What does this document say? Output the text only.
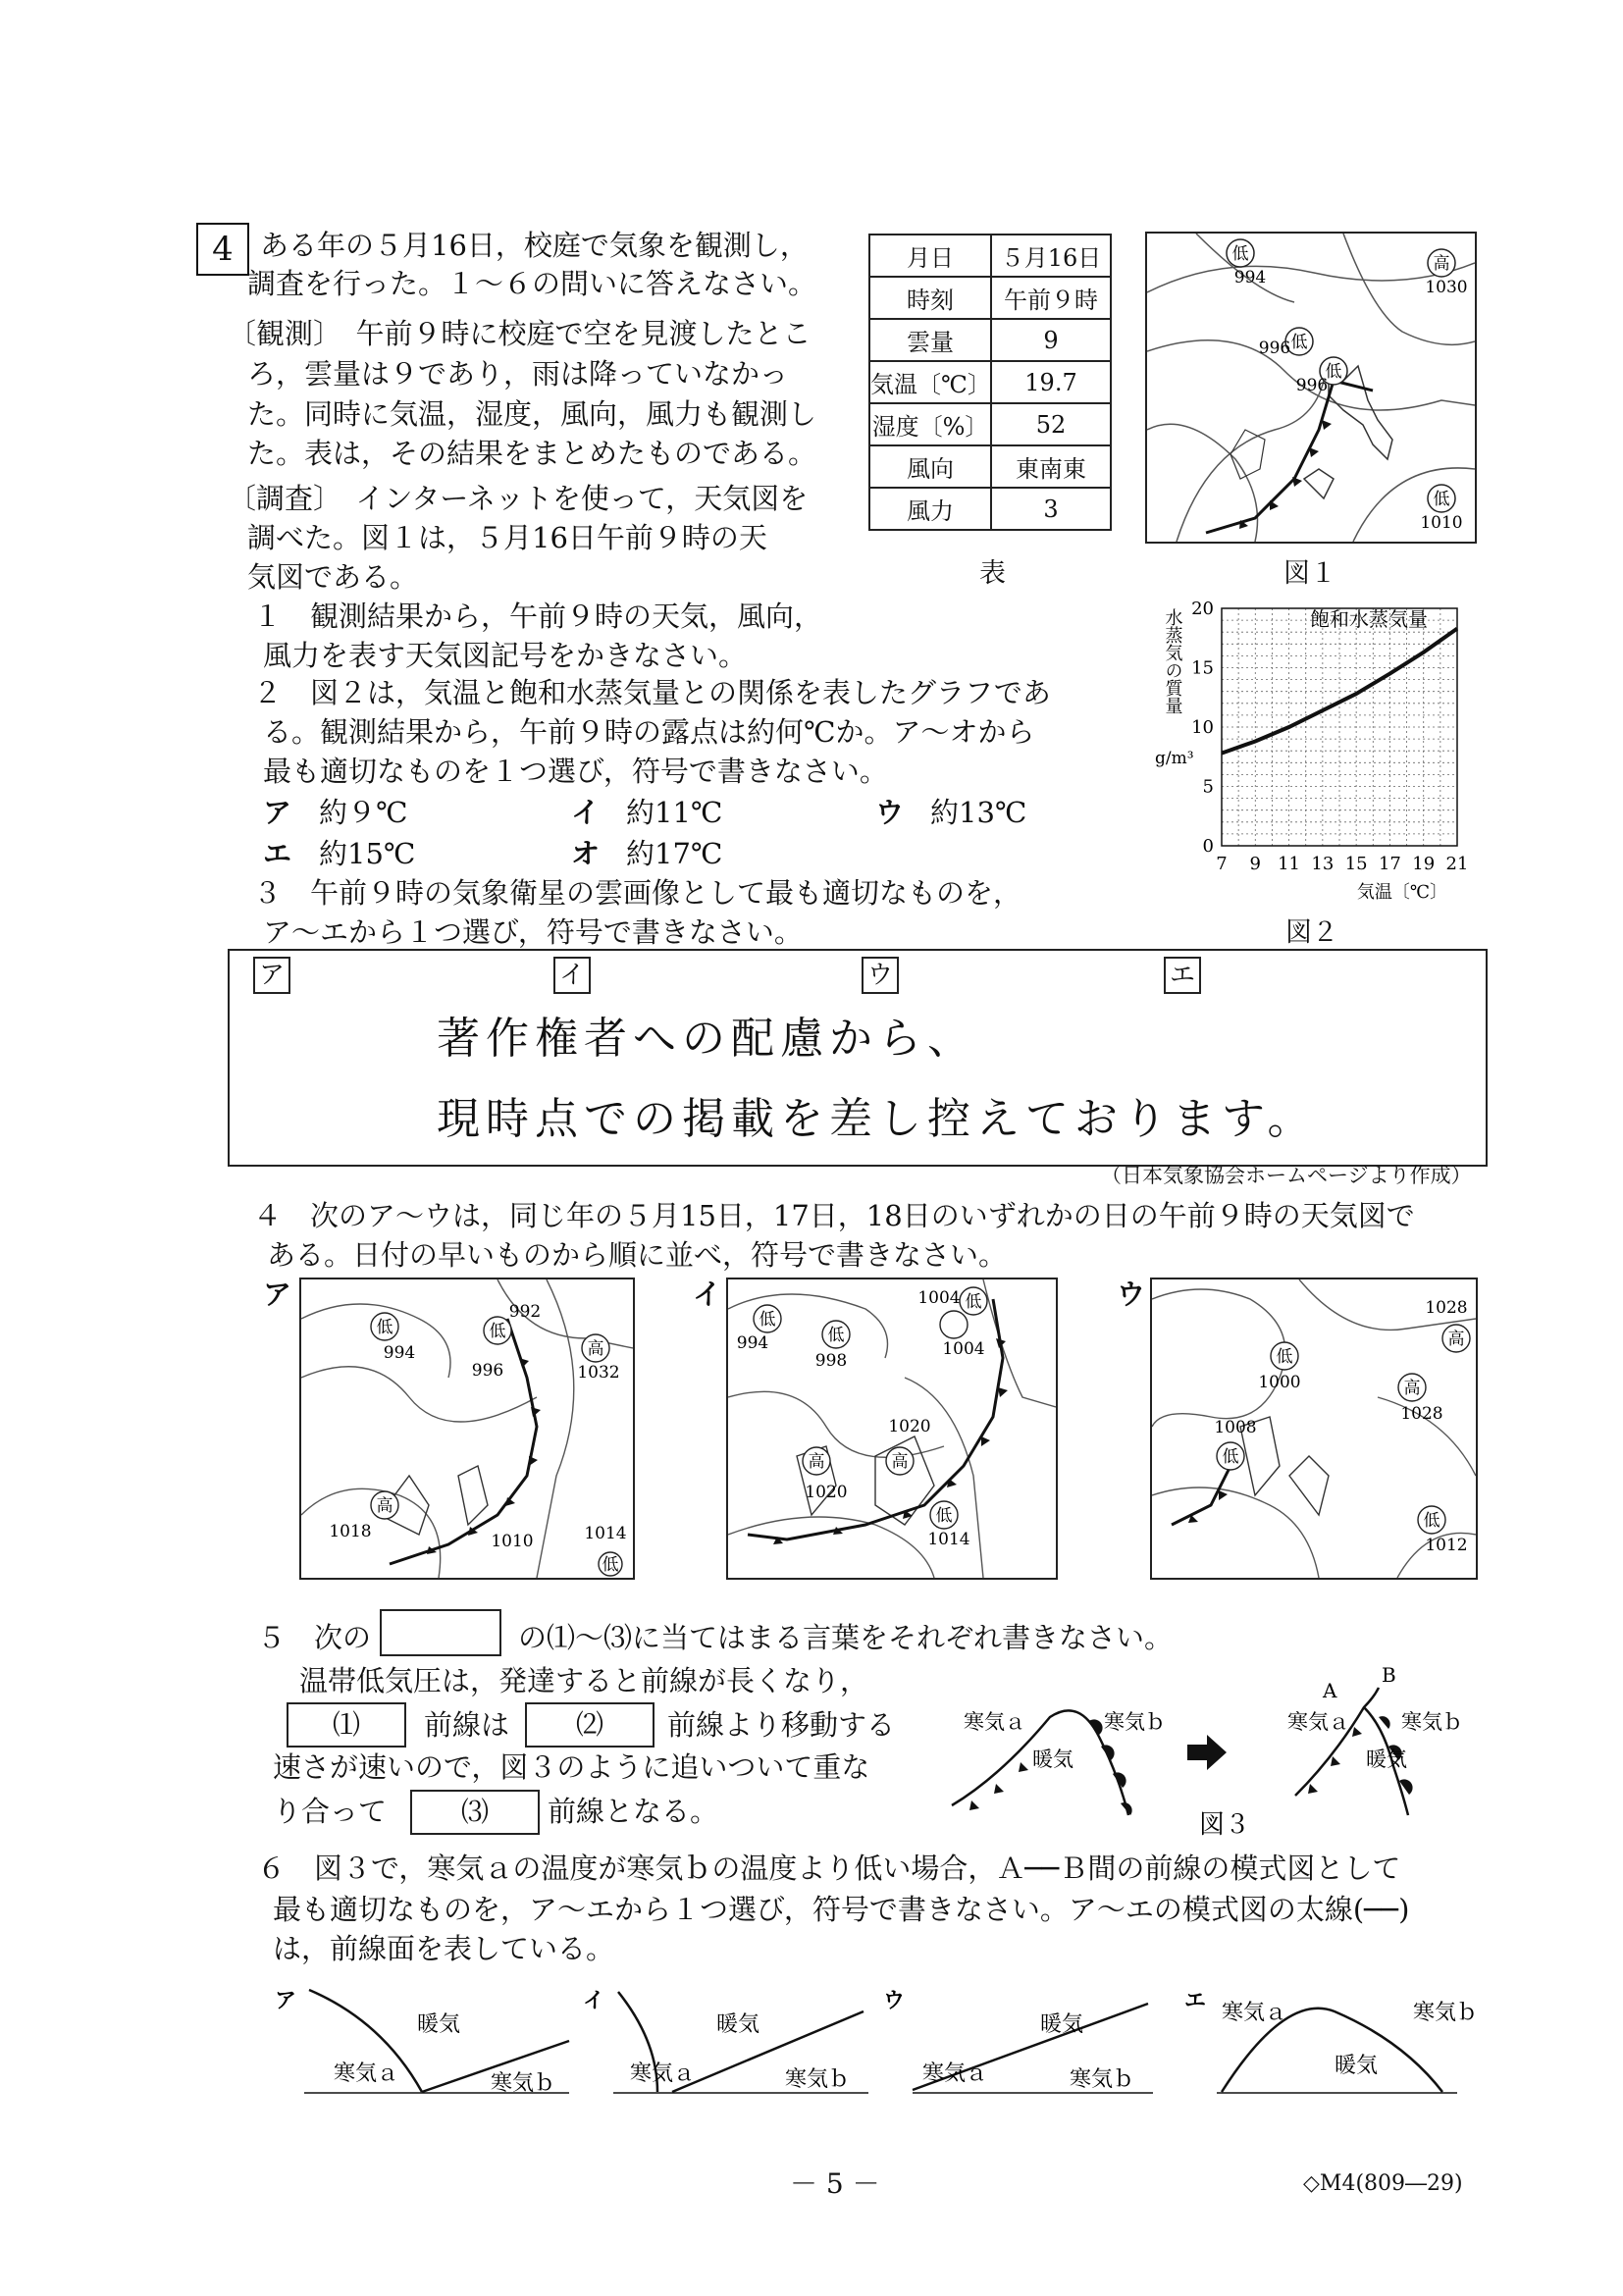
4 ある年の５月16日，校庭で気象を観測し，
調査を行った。１～６の問いに答えなさい。
〔観測〕　午前９時に校庭で空を見渡したとこ
ろ，雲量は９であり，雨は降っていなかっ
た。同時に気温，湿度，風向，風力も観測し
た。表は，その結果をまとめたものである。
〔調査〕　インターネットを使って，天気図を
調べた。図１は，５月16日午前９時の天
気図である。
月日	５月16日
時刻	午前９時
雲量	9
気温〔℃〕	19.7
湿度〔%〕	52
風向	東南東
風力	3
表
低
994
高
1030
低
996
低
996
低
1010
図１
１　観測結果から，午前９時の天気，風向，
風力を表す天気図記号をかきなさい。
２　図２は，気温と飽和水蒸気量との関係を表したグラフであ
る。観測結果から，午前９時の露点は約何℃か。ア～オから
最も適切なものを１つ選び，符号で書きなさい。
ア 約９℃	イ 約11℃	ウ 約13℃
エ 約15℃	オ 約17℃
３　午前９時の気象衛星の雲画像として最も適切なものを，
ア～エから１つ選び，符号で書きなさい。
飽和水蒸気量
20
15
10
5
0
7 9 11 13 15 17 19 21
気温〔℃〕
水蒸気の質量
g/m³
図２
ア	イ	ウ	エ
著作権者への配慮から、
現時点での掲載を差し控えております。
（日本気象協会ホームページより作成）
４　次のア～ウは，同じ年の５月15日，17日，18日のいずれかの日の午前９時の天気図で
ある。日付の早いものから順に並べ，符号で書きなさい。
ア
低
994
低
992
996
高
1032
高
1018	1010	1014
低
イ
低
994
1004 低
低
998
1004
1020
高	高
1020
低
1014
ウ	1028
高
低
1000	高
1028
1008
低
低
1012
５　次の	の⑴～⑶に当てはまる言葉をそれぞれ書きなさい。
温帯低気圧は，発達すると前線が長くなり，
⑴	前線は	⑵	前線より移動する
速さが速いので，図３のように追いついて重な
り合って	⑶	前線となる。
寒気ａ	寒気ｂ
暖気
寒気ａ	寒気ｂ
暖気
A
B
図３
６　図３で，寒気ａの温度が寒気ｂの温度より低い場合，Ａ──Ｂ間の前線の模式図として
最も適切なものを，ア～エから１つ選び，符号で書きなさい。ア～エの模式図の太線(──)
は，前線面を表している。
ア
暖気
寒気ａ	寒気ｂ
イ
暖気
寒気ａ	寒気ｂ
ウ
暖気
寒気ａ	寒気ｂ
エ
暖気
寒気ａ	寒気ｂ
－ 5 －	◇M4(809―29)
